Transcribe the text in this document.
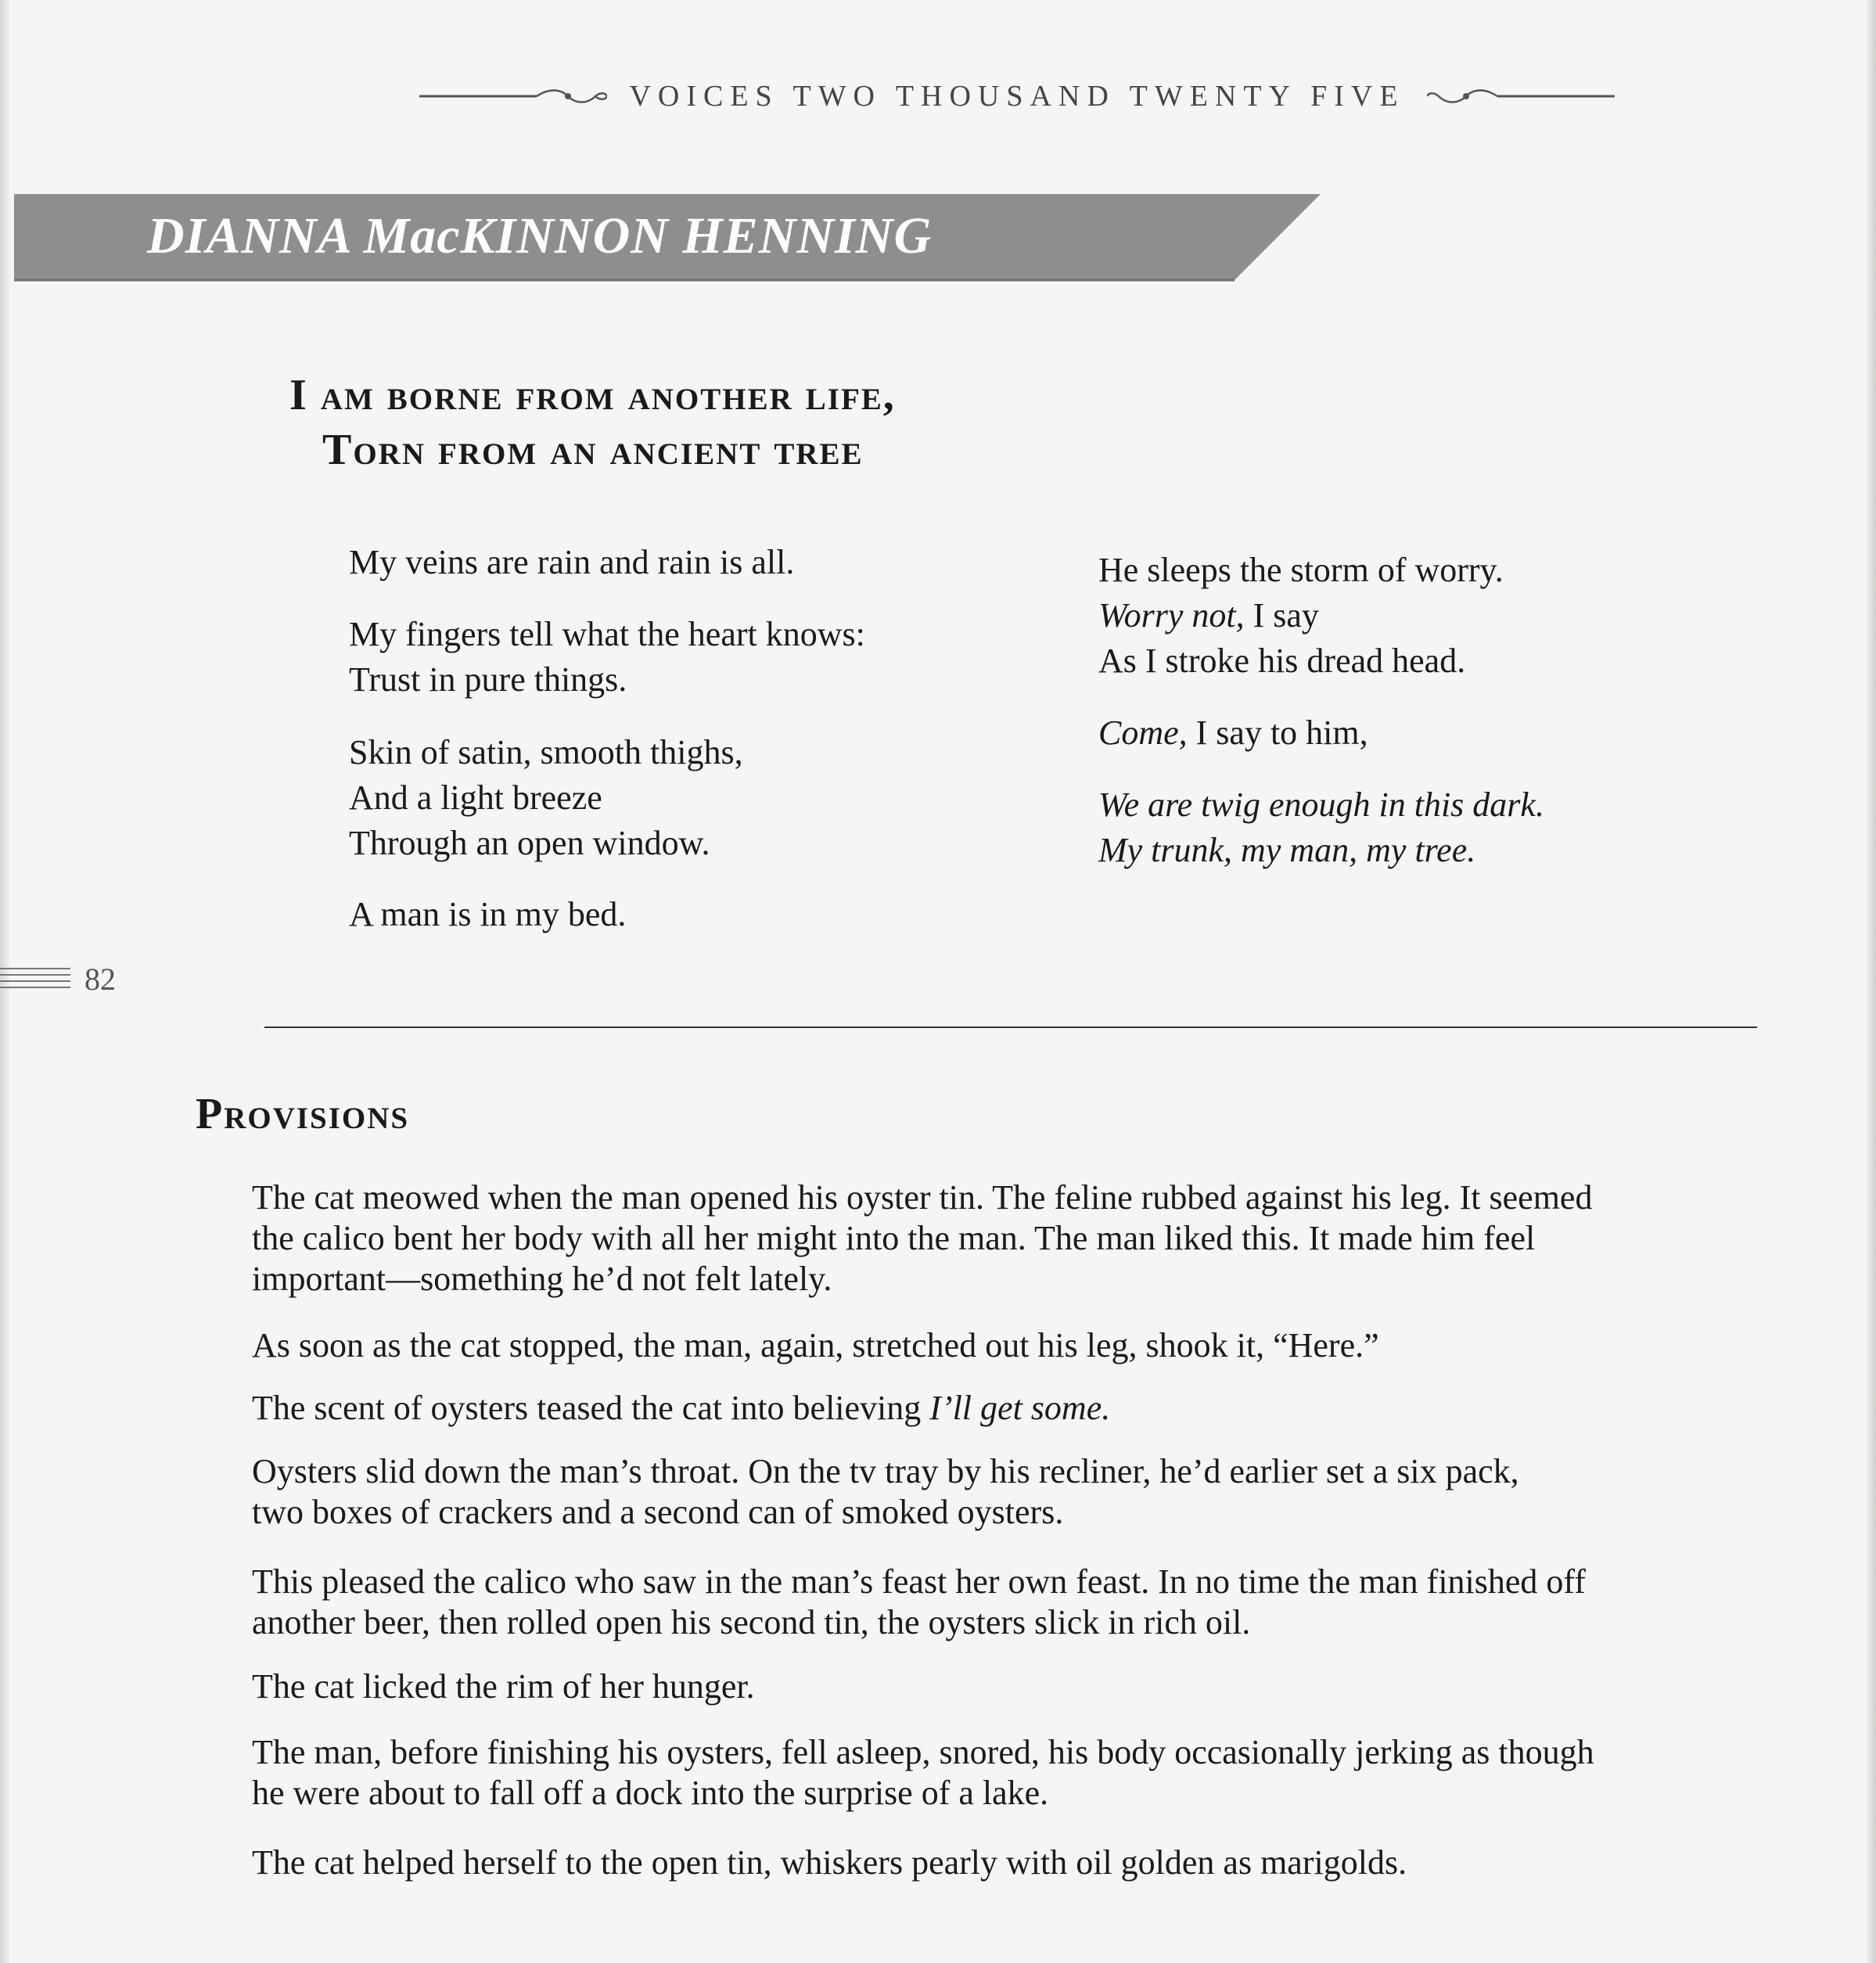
VOICES TWO THOUSAND TWENTY FIVE
DIANNA MacKINNON HENNING
I am borne from another life,
Torn from an ancient tree
My veins are rain and rain is all.
My fingers tell what the heart knows:
Trust in pure things.
Skin of satin, smooth thighs,
And a light breeze
Through an open window.
A man is in my bed.
He sleeps the storm of worry.
Worry not, I say
As I stroke his dread head.
Come, I say to him,
We are twig enough in this dark.
My trunk, my man, my tree.
82
Provisions
The cat meowed when the man opened his oyster tin. The feline rubbed against his leg. It seemed
the calico bent her body with all her might into the man. The man liked this. It made him feel
important—something he’d not felt lately.
As soon as the cat stopped, the man, again, stretched out his leg, shook it, “Here.”
The scent of oysters teased the cat into believing I’ll get some.
Oysters slid down the man’s throat. On the tv tray by his recliner, he’d earlier set a six pack,
two boxes of crackers and a second can of smoked oysters.
This pleased the calico who saw in the man’s feast her own feast. In no time the man finished off
another beer, then rolled open his second tin, the oysters slick in rich oil.
The cat licked the rim of her hunger.
The man, before finishing his oysters, fell asleep, snored, his body occasionally jerking as though
he were about to fall off a dock into the surprise of a lake.
The cat helped herself to the open tin, whiskers pearly with oil golden as marigolds.
